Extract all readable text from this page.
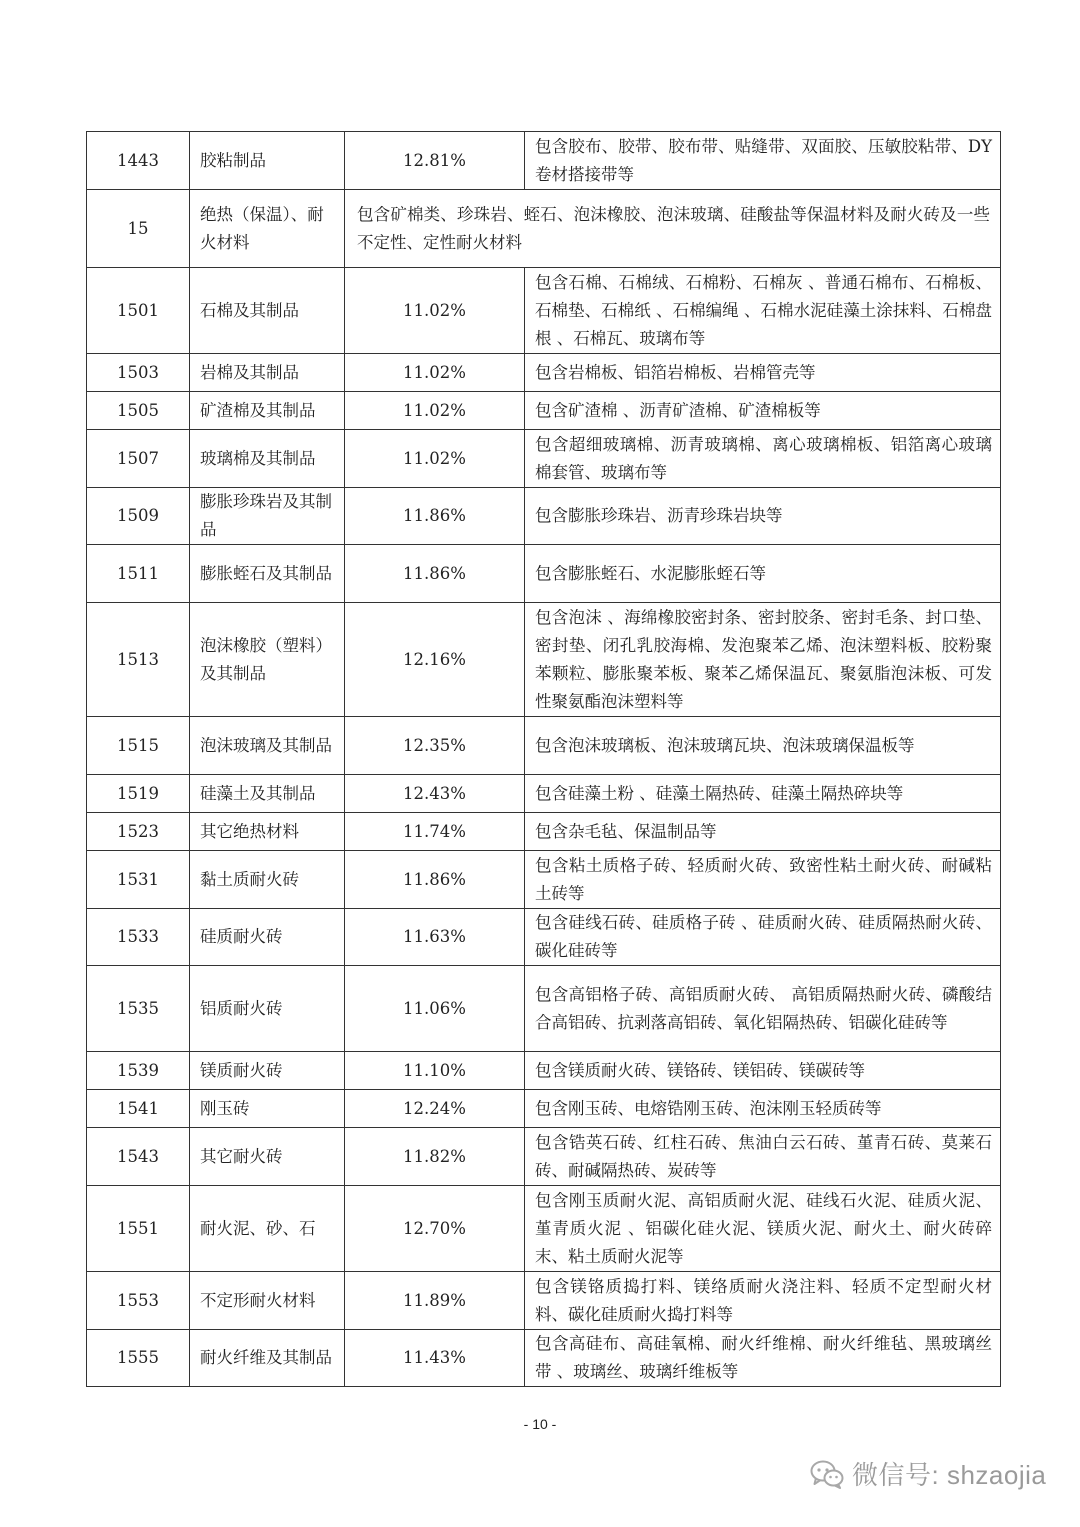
1443	胶粘制品	12.81%	包含胶布、胶带、胶布带、贴缝带、双面胶、压敏胶粘带、DY 卷材搭接带等
15	绝热（保温）、耐火材料	包含矿棉类、珍珠岩、蛭石、泡沫橡胶、泡沫玻璃、硅酸盐等保温材料及耐火砖及一些不定性、定性耐火材料	
1501	石棉及其制品	11.02%	包含石棉、石棉绒、石棉粉、石棉灰 、普通石棉布、石棉板、石棉垫、石棉纸 、石棉编绳 、石棉水泥硅藻土涂抹料、石棉盘根 、石棉瓦、玻璃布等
1503	岩棉及其制品	11.02%	包含岩棉板、铝箔岩棉板、岩棉管壳等
1505	矿渣棉及其制品	11.02%	包含矿渣棉 、沥青矿渣棉、矿渣棉板等
1507	玻璃棉及其制品	11.02%	包含超细玻璃棉、沥青玻璃棉、离心玻璃棉板、铝箔离心玻璃棉套管、玻璃布等
1509	膨胀珍珠岩及其制品	11.86%	包含膨胀珍珠岩、沥青珍珠岩块等
1511	膨胀蛭石及其制品	11.86%	包含膨胀蛭石、水泥膨胀蛭石等
1513	泡沫橡胶（塑料）及其制品	12.16%	包含泡沫 、海绵橡胶密封条、密封胶条、密封毛条、封口垫、密封垫、闭孔乳胶海棉、发泡聚苯乙烯、泡沫塑料板、胶粉聚苯颗粒、膨胀聚苯板、聚苯乙烯保温瓦、聚氨脂泡沫板、可发性聚氨酯泡沫塑料等
1515	泡沫玻璃及其制品	12.35%	包含泡沫玻璃板、泡沫玻璃瓦块、泡沫玻璃保温板等
1519	硅藻土及其制品	12.43%	包含硅藻土粉 、硅藻土隔热砖、硅藻土隔热碎块等
1523	其它绝热材料	11.74%	包含杂毛毡、保温制品等
1531	黏土质耐火砖	11.86%	包含粘土质格子砖、轻质耐火砖、致密性粘土耐火砖、耐碱粘土砖等
1533	硅质耐火砖	11.63%	包含硅线石砖、硅质格子砖 、硅质耐火砖、硅质隔热耐火砖、碳化硅砖等
1535	铝质耐火砖	11.06%	包含高铝格子砖、高铝质耐火砖、 高铝质隔热耐火砖、磷酸结合高铝砖、抗剥落高铝砖、氧化铝隔热砖、铝碳化硅砖等
1539	镁质耐火砖	11.10%	包含镁质耐火砖、镁铬砖、镁铝砖、镁碳砖等
1541	刚玉砖	12.24%	包含刚玉砖、电熔锆刚玉砖、泡沫刚玉轻质砖等
1543	其它耐火砖	11.82%	包含锆英石砖、红柱石砖、焦油白云石砖、堇青石砖、莫莱石砖、耐碱隔热砖、炭砖等
1551	耐火泥、砂、石	12.70%	包含刚玉质耐火泥、高铝质耐火泥、硅线石火泥、硅质火泥、堇青质火泥 、铝碳化硅火泥、镁质火泥、耐火土、耐火砖碎末、粘土质耐火泥等
1553	不定形耐火材料	11.89%	包含镁铬质捣打料、镁络质耐火浇注料、轻质不定型耐火材料、碳化硅质耐火捣打料等
1555	耐火纤维及其制品	11.43%	包含高硅布、高硅氧棉、耐火纤维棉、耐火纤维毡、黑玻璃丝带 、玻璃丝、玻璃纤维板等
- 10 -
微信号: shzaojia
